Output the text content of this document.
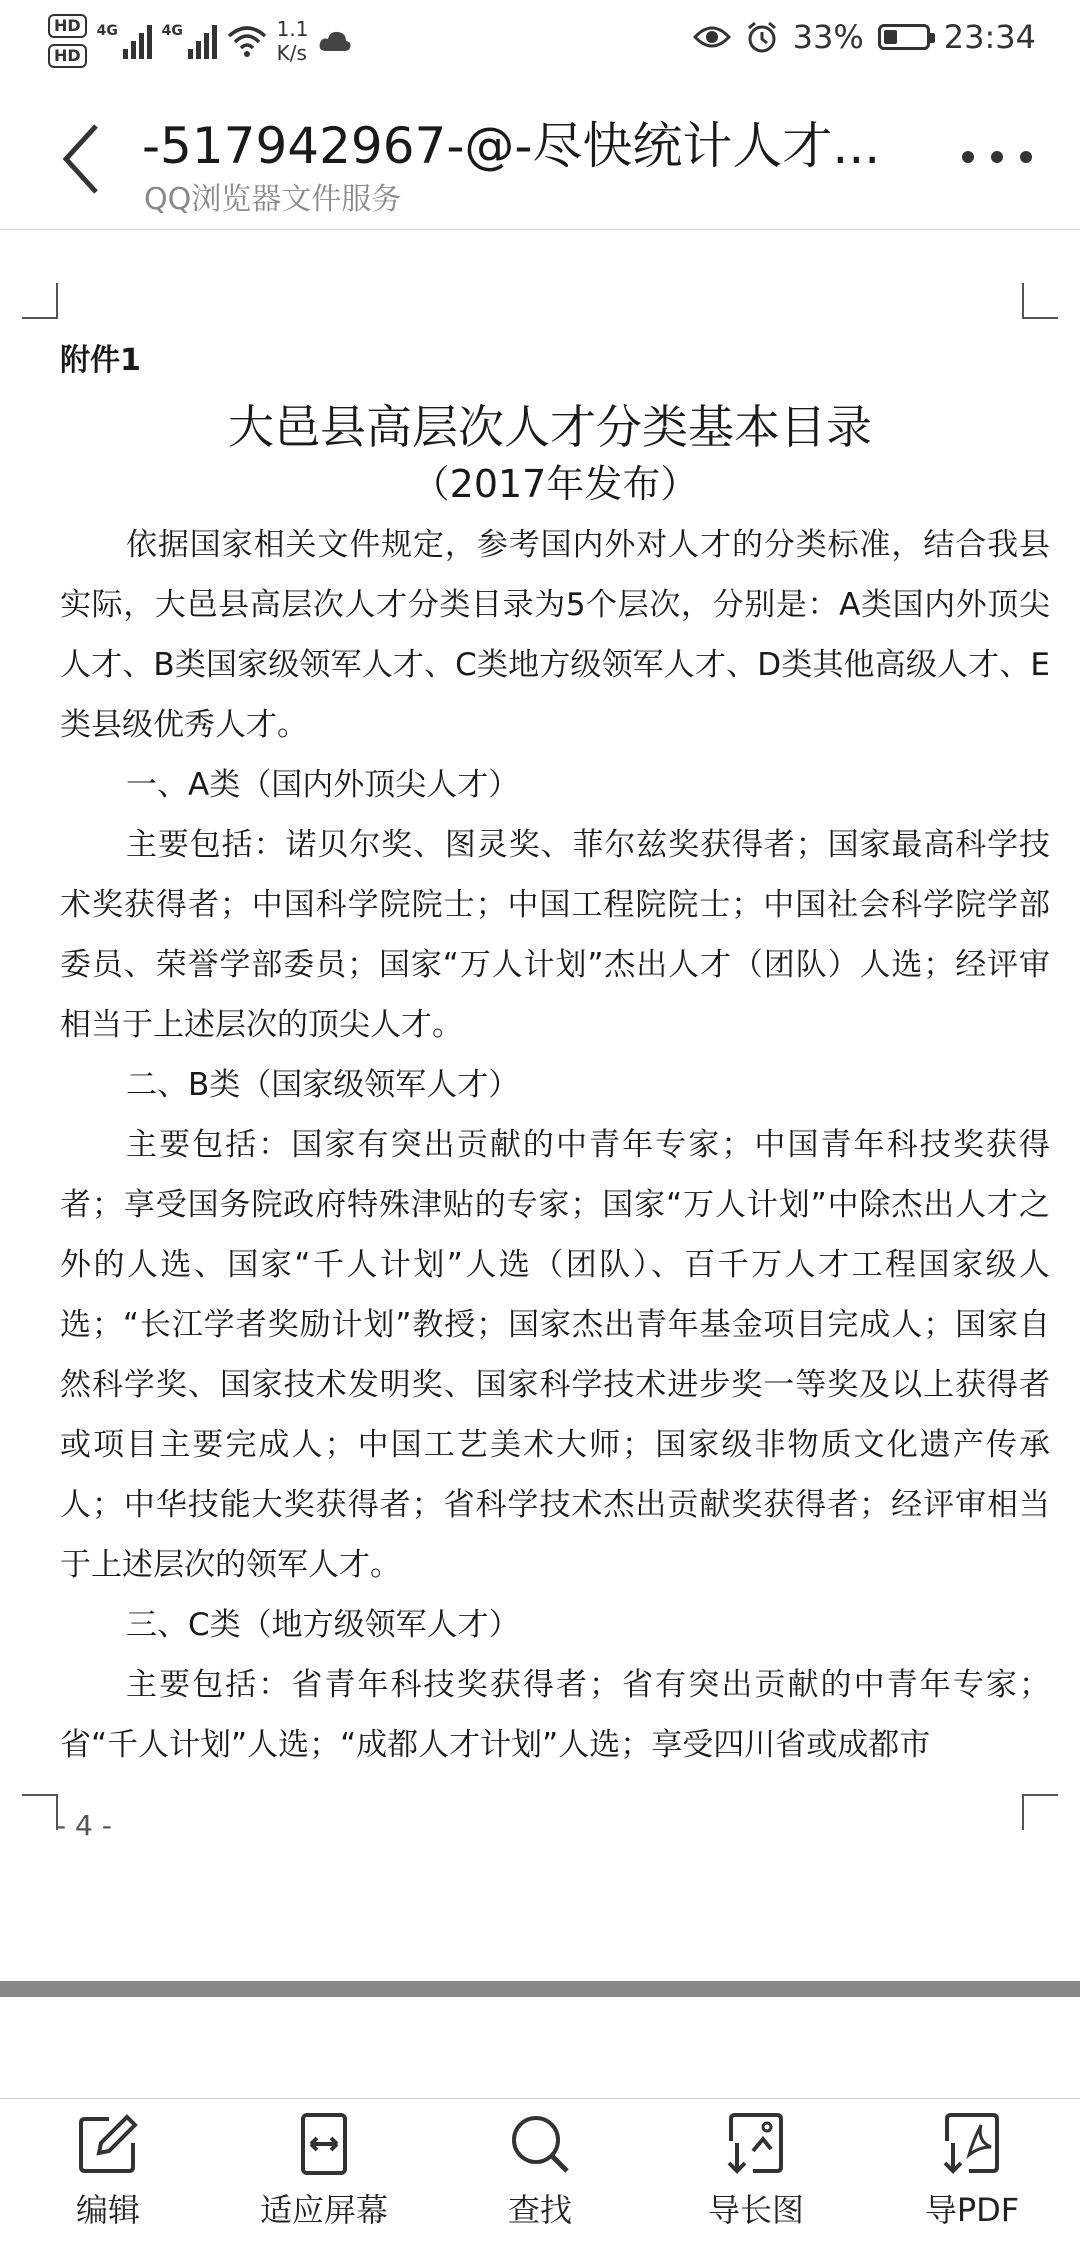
HD
HD
4G	4G	1.1
K/s	33%	23:34
-517942967-@-尽快统计人才...
QQ浏览器文件服务
附件1
大邑县高层次人才分类基本目录
（2017年发布）

依据国家相关文件规定，参考国内外对人才的分类标准，结合我县实际，大邑县高层次人才分类目录为5个层次，分别是：A类国内外顶尖人才、B类国家级领军人才、C类地方级领军人才、D类其他高级人才、E类县级优秀人才。

一、A类（国内外顶尖人才）

主要包括：诺贝尔奖、图灵奖、菲尔兹奖获得者；国家最高科学技术奖获得者；中国科学院院士；中国工程院院士；中国社会科学院学部委员、荣誉学部委员；国家“万人计划”杰出人才（团队）人选；经评审相当于上述层次的顶尖人才。

二、B类（国家级领军人才）

主要包括：国家有突出贡献的中青年专家；中国青年科技奖获得者；享受国务院政府特殊津贴的专家；国家“万人计划”中除杰出人才之外的人选、国家“千人计划”人选（团队）、百千万人才工程国家级人选；“长江学者奖励计划”教授；国家杰出青年基金项目完成人；国家自然科学奖、国家技术发明奖、国家科学技术进步奖一等奖及以上获得者或项目主要完成人；中国工艺美术大师；国家级非物质文化遗产传承人；中华技能大奖获得者；省科学技术杰出贡献奖获得者；经评审相当于上述层次的领军人才。

三、C类（地方级领军人才）

主要包括：省青年科技奖获得者；省有突出贡献的中青年专家；省“千人计划”人选；“成都人才计划”人选；享受四川省或成都市

- 4 -
编辑	适应屏幕	查找	导长图	导PDF
